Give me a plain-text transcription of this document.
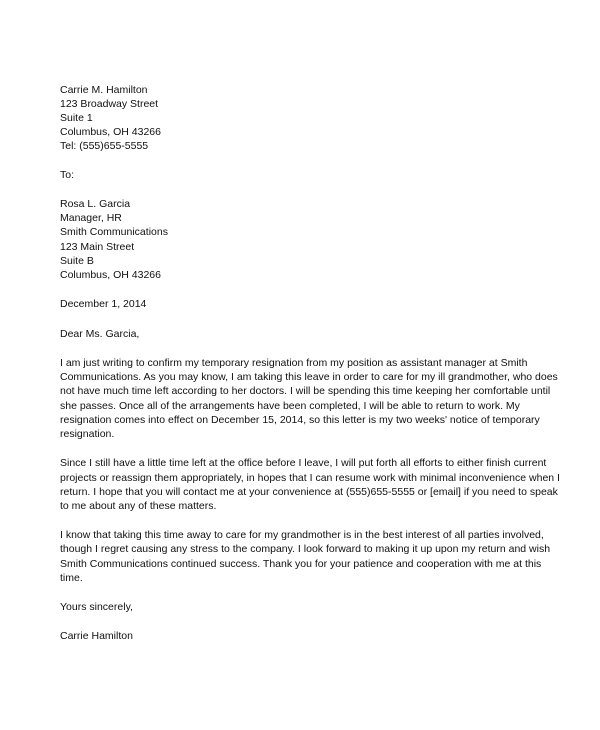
Carrie M. Hamilton
123 Broadway Street
Suite 1
Columbus, OH 43266
Tel: (555)655-5555
To:
Rosa L. Garcia
Manager, HR
Smith Communications
123 Main Street
Suite B
Columbus, OH 43266
December 1, 2014
Dear Ms. Garcia,
I am just writing to confirm my temporary resignation from my position as assistant manager at Smith
Communications. As you may know, I am taking this leave in order to care for my ill grandmother, who does
not have much time left according to her doctors. I will be spending this time keeping her comfortable until
she passes. Once all of the arrangements have been completed, I will be able to return to work. My
resignation comes into effect on December 15, 2014, so this letter is my two weeks' notice of temporary
resignation.
Since I still have a little time left at the office before I leave, I will put forth all efforts to either finish current
projects or reassign them appropriately, in hopes that I can resume work with minimal inconvenience when I
return. I hope that you will contact me at your convenience at (555)655-5555 or [email] if you need to speak
to me about any of these matters.
I know that taking this time away to care for my grandmother is in the best interest of all parties involved,
though I regret causing any stress to the company. I look forward to making it up upon my return and wish
Smith Communications continued success. Thank you for your patience and cooperation with me at this
time.
Yours sincerely,
Carrie Hamilton
